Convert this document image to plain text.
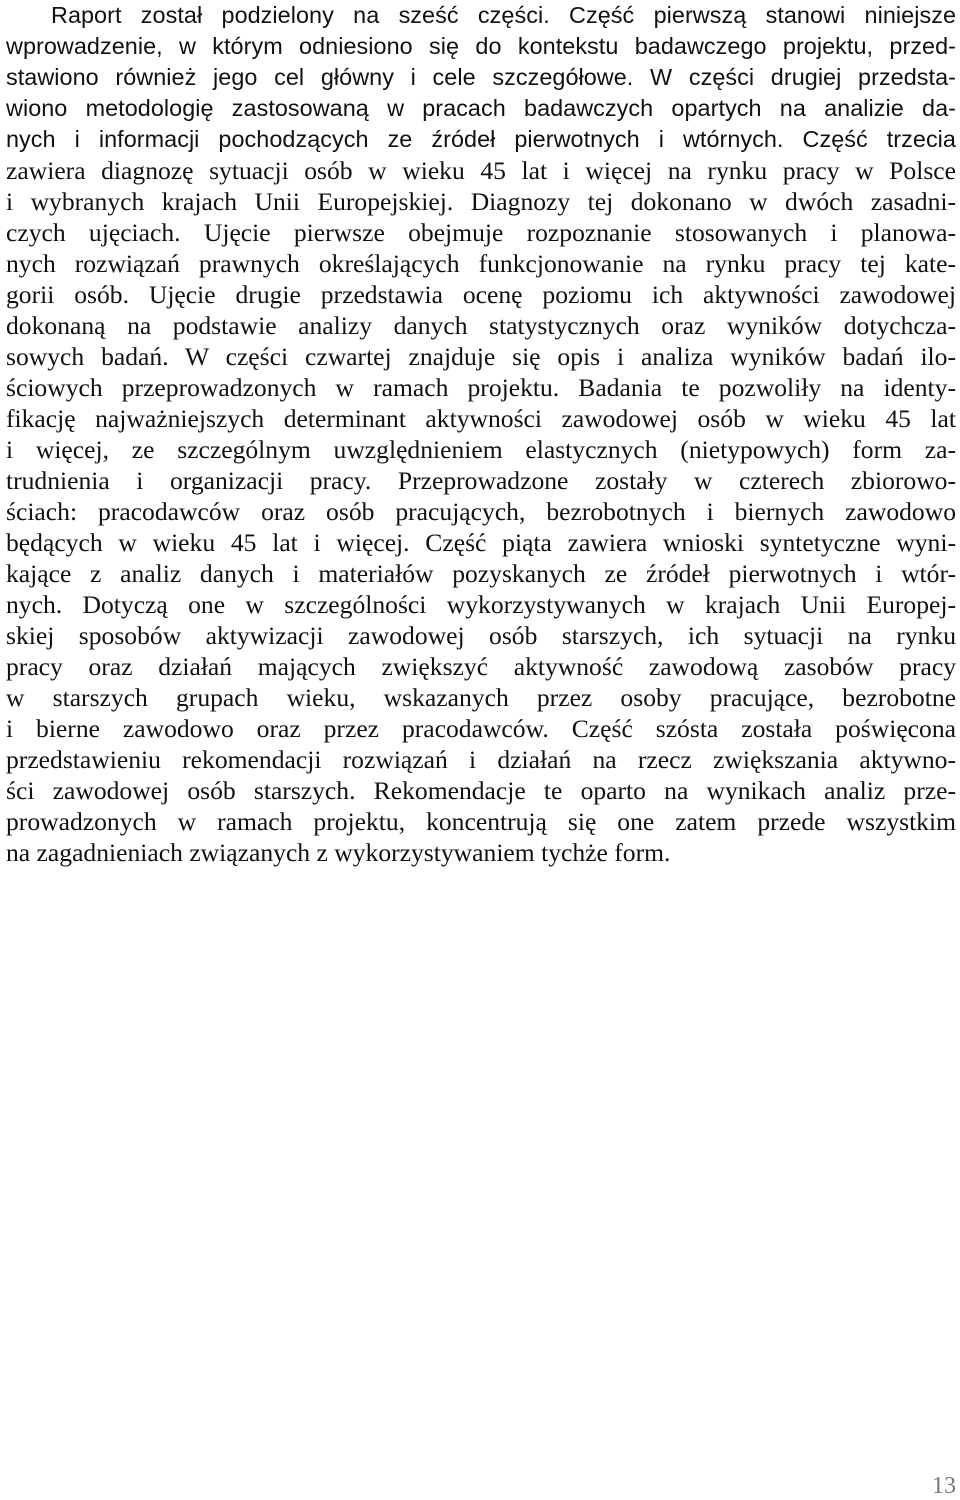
Raport został podzielony na sześć części. Część pierwszą stanowi niniejsze
wprowadzenie, w którym odniesiono się do kontekstu badawczego projektu, przed-
stawiono również jego cel główny i cele szczegółowe. W części drugiej przedsta-
wiono metodologię zastosowaną w pracach badawczych opartych na analizie da-
nych i informacji pochodzących ze źródeł pierwotnych i wtórnych. Część trzecia
zawiera diagnozę sytuacji osób w wieku 45 lat i więcej na rynku pracy w Polsce
i wybranych krajach Unii Europejskiej. Diagnozy tej dokonano w dwóch zasadni-
czych ujęciach. Ujęcie pierwsze obejmuje rozpoznanie stosowanych i planowa-
nych rozwiązań prawnych określających funkcjonowanie na rynku pracy tej kate-
gorii osób. Ujęcie drugie przedstawia ocenę poziomu ich aktywności zawodowej
dokonaną na podstawie analizy danych statystycznych oraz wyników dotychcza-
sowych badań. W części czwartej znajduje się opis i analiza wyników badań ilo-
ściowych przeprowadzonych w ramach projektu. Badania te pozwoliły na identy-
fikację najważniejszych determinant aktywności zawodowej osób w wieku 45 lat
i więcej, ze szczególnym uwzględnieniem elastycznych (nietypowych) form za-
trudnienia i organizacji pracy. Przeprowadzone zostały w czterech zbiorowo-
ściach: pracodawców oraz osób pracujących, bezrobotnych i biernych zawodowo
będących w wieku 45 lat i więcej. Część piąta zawiera wnioski syntetyczne wyni-
kające z analiz danych i materiałów pozyskanych ze źródeł pierwotnych i wtór-
nych. Dotyczą one w szczególności wykorzystywanych w krajach Unii Europej-
skiej sposobów aktywizacji zawodowej osób starszych, ich sytuacji na rynku
pracy oraz działań mających zwiększyć aktywność zawodową zasobów pracy
w starszych grupach wieku, wskazanych przez osoby pracujące, bezrobotne
i bierne zawodowo oraz przez pracodawców. Część szósta została poświęcona
przedstawieniu rekomendacji rozwiązań i działań na rzecz zwiększania aktywno-
ści zawodowej osób starszych. Rekomendacje te oparto na wynikach analiz prze-
prowadzonych w ramach projektu, koncentrują się one zatem przede wszystkim
na zagadnieniach związanych z wykorzystywaniem tychże form.
13
